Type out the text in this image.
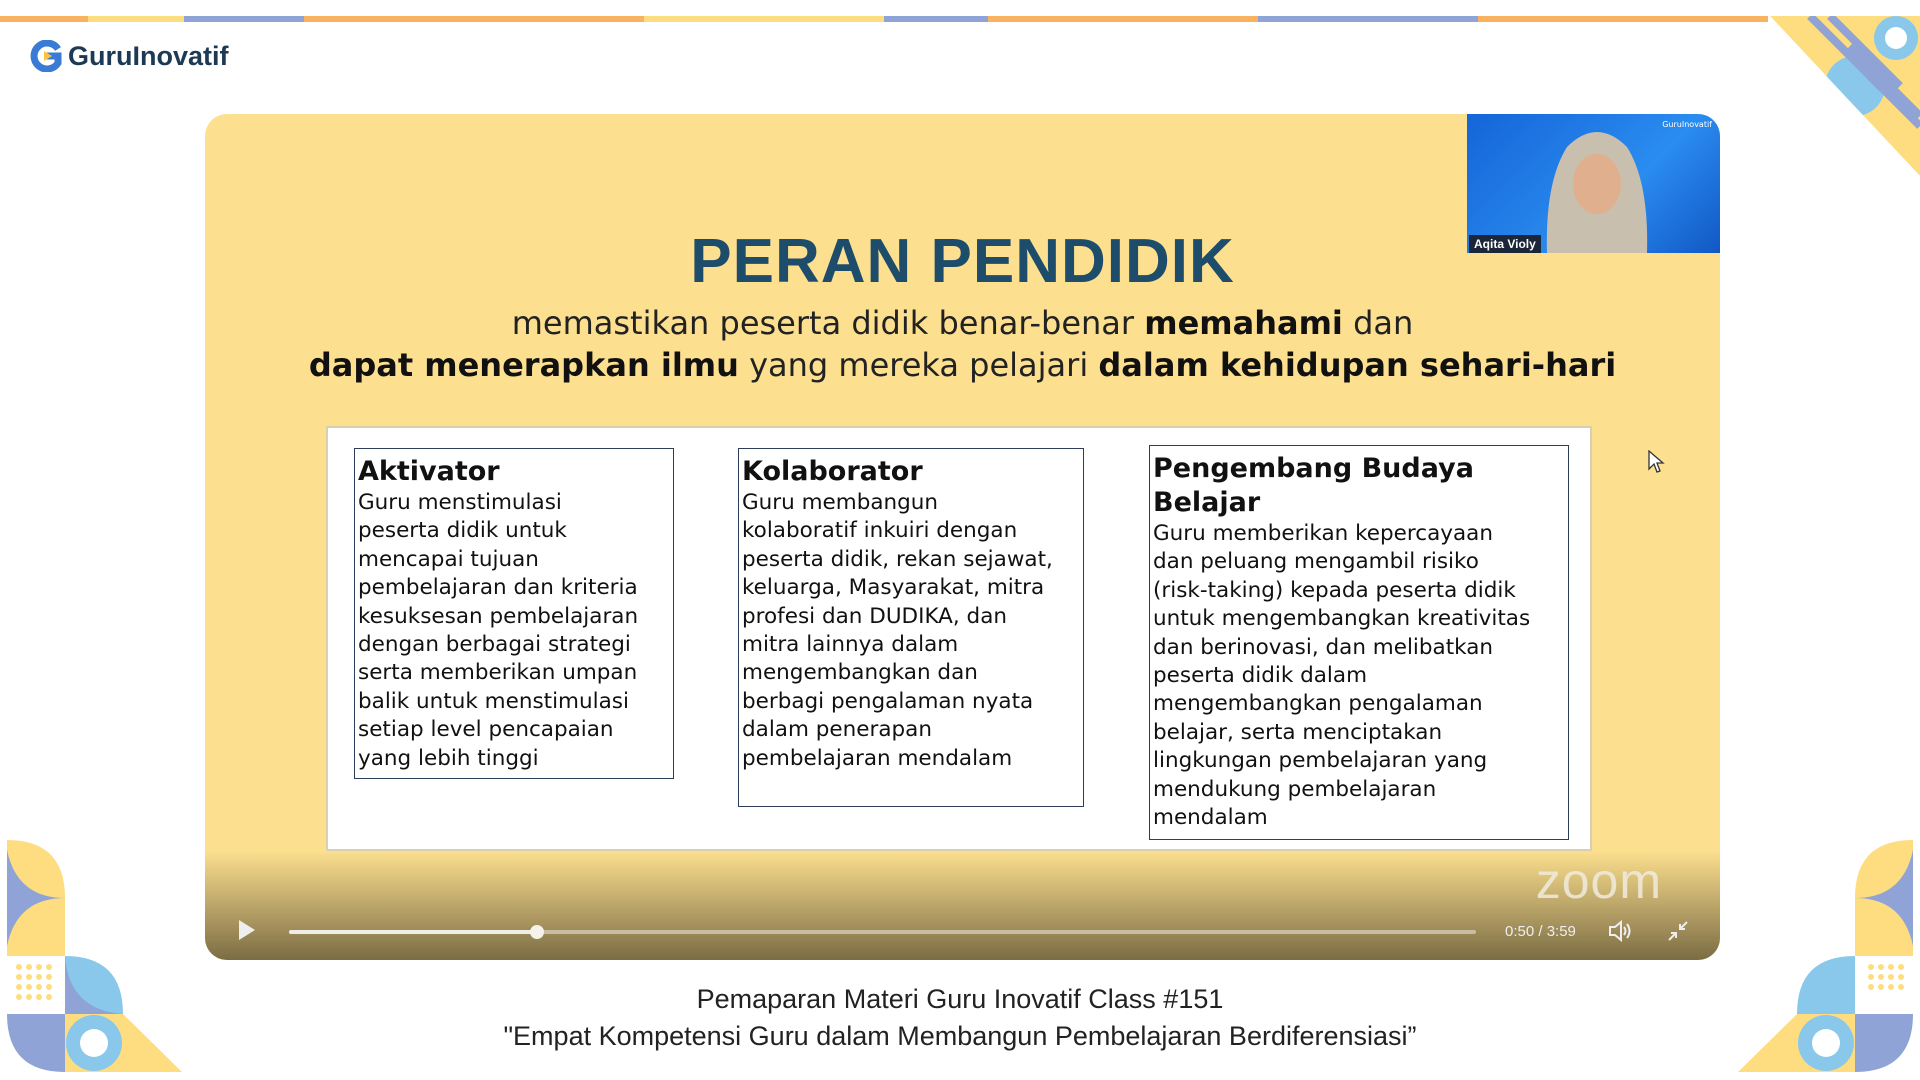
GuruInovatif
PERAN PENDIDIK
memastikan peserta didik benar-benar memahami dan
dapat menerapkan ilmu yang mereka pelajari dalam kehidupan sehari-hari
Aktivator
Guru menstimulasi
peserta didik untuk
mencapai tujuan
pembelajaran dan kriteria
kesuksesan pembelajaran
dengan berbagai strategi
serta memberikan umpan
balik untuk menstimulasi
setiap level pencapaian
yang lebih tinggi
Kolaborator
Guru membangun
kolaboratif inkuiri dengan
peserta didik, rekan sejawat,
keluarga, Masyarakat, mitra
profesi dan DUDIKA, dan
mitra lainnya dalam
mengembangkan dan
berbagi pengalaman nyata
dalam penerapan
pembelajaran mendalam
Pengembang Budaya Belajar
Guru memberikan kepercayaan
dan peluang mengambil risiko
(risk-taking) kepada peserta didik
untuk mengembangkan kreativitas
dan berinovasi, dan melibatkan
peserta didik dalam
mengembangkan pengalaman
belajar, serta menciptakan
lingkungan pembelajaran yang
mendukung pembelajaran
mendalam
GuruInovatif
Aqita Violy
zoom
0:50 / 3:59
Pemaparan Materi Guru Inovatif Class #151
"Empat Kompetensi Guru dalam Membangun Pembelajaran Berdiferensiasi”
